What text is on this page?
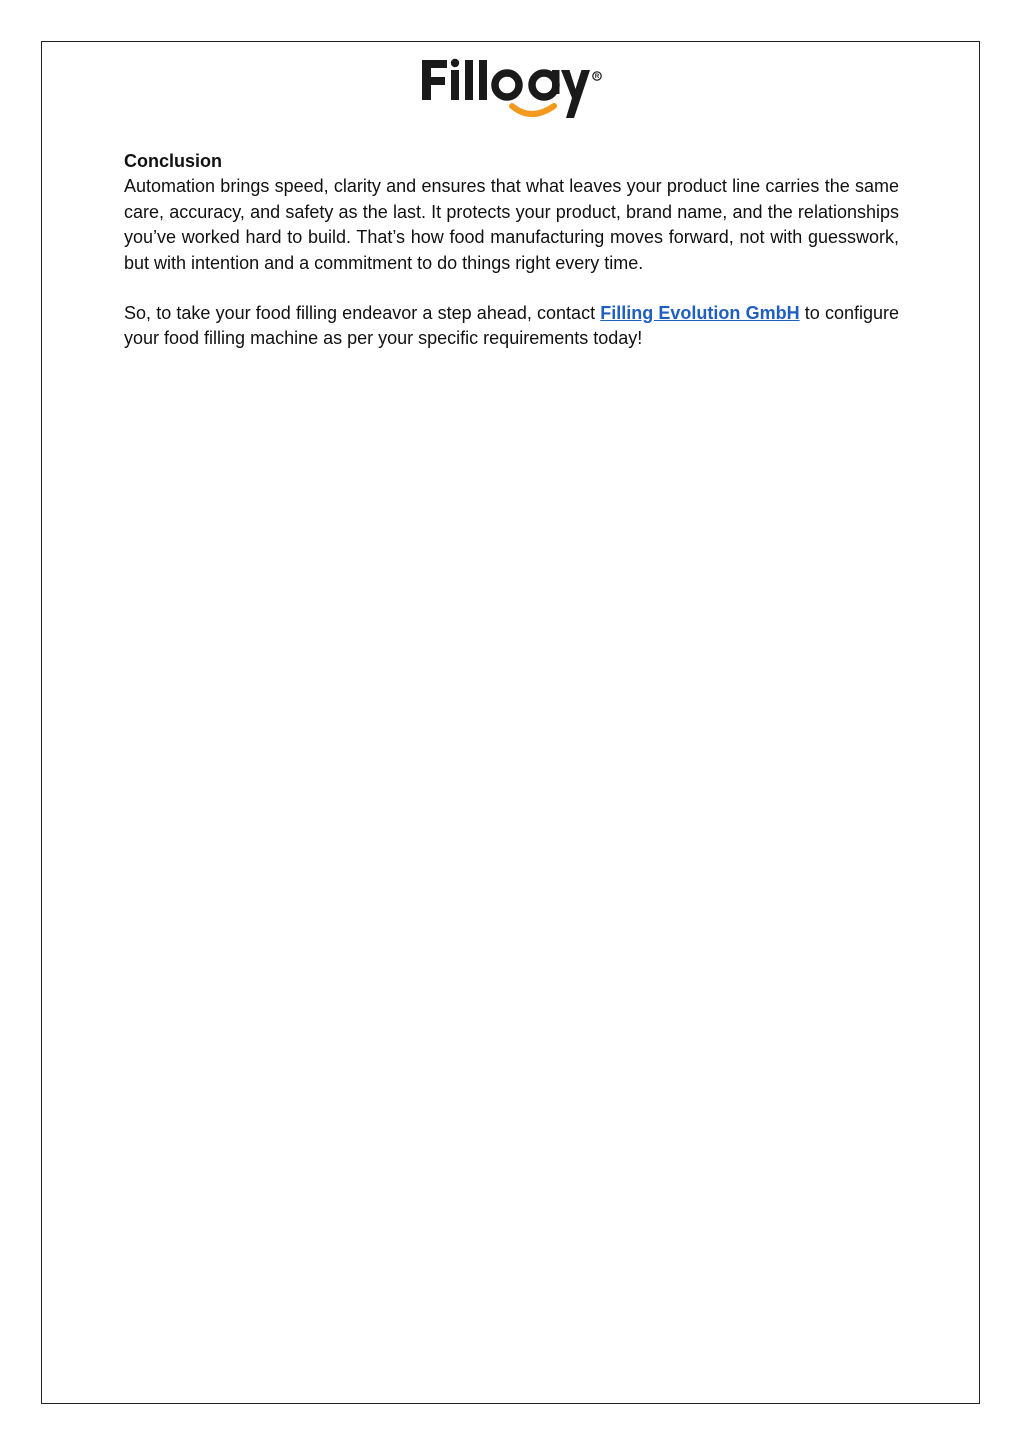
R

Conclusion

Automation brings speed, clarity and ensures that what leaves your product line carries the same care, accuracy, and safety as the last. It protects your product, brand name, and the relationships you’ve worked hard to build. That’s how food manufacturing moves forward, not with guesswork, but with intention and a commitment to do things right every time.

So, to take your food filling endeavor a step ahead, contact Filling Evolution GmbH to configure your food filling machine as per your specific requirements today!
